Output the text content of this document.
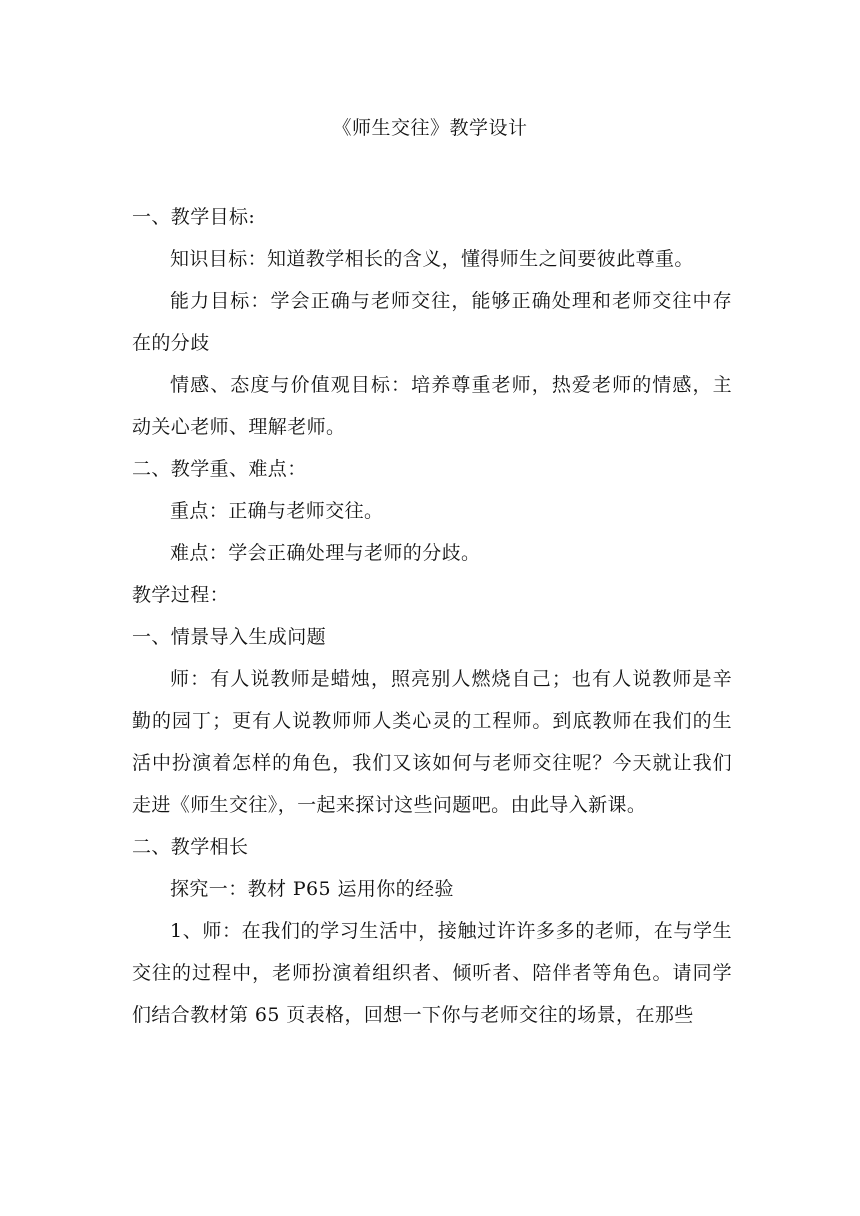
《师生交往》教学设计

一、教学目标:

知识目标：知道教学相长的含义，懂得师生之间要彼此尊重。

能力目标：学会正确与老师交往，能够正确处理和老师交往中存在的分歧

情感、态度与价值观目标：培养尊重老师，热爱老师的情感，主动关心老师、理解老师。

二、教学重、难点：

重点：正确与老师交往。

难点：学会正确处理与老师的分歧。

教学过程：

一、情景导入生成问题

师：有人说教师是蜡烛，照亮别人燃烧自己；也有人说教师是辛勤的园丁；更有人说教师师人类心灵的工程师。到底教师在我们的生活中扮演着怎样的角色，我们又该如何与老师交往呢？今天就让我们走进《师生交往》，一起来探讨这些问题吧。由此导入新课。

二、教学相长

探究一：教材 P65 运用你的经验

1、师：在我们的学习生活中，接触过许许多多的老师，在与学生交往的过程中，老师扮演着组织者、倾听者、陪伴者等角色。请同学们结合教材第 65 页表格，回想一下你与老师交往的场景，在那些
